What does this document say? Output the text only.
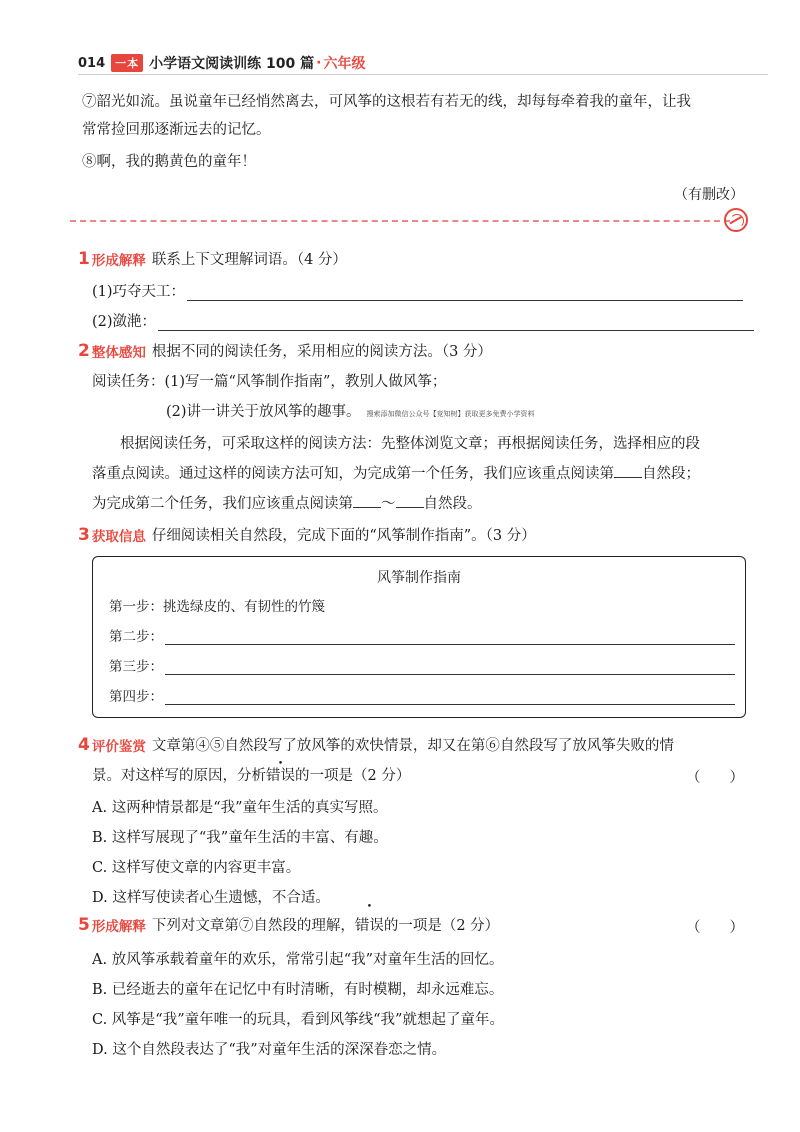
014 一本 小学语文阅读训练 100 篇 · 六年级
⑦韶光如流。虽说童年已经悄然离去，可风筝的这根若有若无的线，却每每牵着我的童年，让我
常常捡回那逐渐远去的记忆。
⑧啊，我的鹅黄色的童年！
（有删改）
1 形成解释 联系上下文理解词语。（4 分）
(1)巧夺天工：
(2)潋滟：
2 整体感知 根据不同的阅读任务，采用相应的阅读方法。（3 分）
阅读任务：(1)写一篇“风筝制作指南”，教别人做风筝；
(2)讲一讲关于放风筝的趣事。 搜索添加微信公众号【竞知树】获取更多免费小学资料
根据阅读任务，可采取这样的阅读方法：先整体浏览文章；再根据阅读任务，选择相应的段
落重点阅读。通过这样的阅读方法可知，为完成第一个任务，我们应该重点阅读第 自然段；
为完成第二个任务，我们应该重点阅读第 ～ 自然段。
3 获取信息 仔细阅读相关自然段，完成下面的“风筝制作指南”。（3 分）
风筝制作指南
第一步：挑选绿皮的、有韧性的竹篾
第二步：
第三步：
第四步：
4 评价鉴赏 文章第④⑤自然段写了放风筝的欢快情景，却又在第⑥自然段写了放风筝失败的情
景。对这样写的原因，分析错误的一项是（2 分）	（　　）
A. 这两种情景都是“我”童年生活的真实写照。
B. 这样写展现了“我”童年生活的丰富、有趣。
C. 这样写使文章的内容更丰富。
D. 这样写使读者心生遗憾，不合适。
5 形成解释 下列对文章第⑦自然段的理解，错误的一项是（2 分）	（　　）
A. 放风筝承载着童年的欢乐，常常引起“我”对童年生活的回忆。
B. 已经逝去的童年在记忆中有时清晰，有时模糊，却永远难忘。
C. 风筝是“我”童年唯一的玩具，看到风筝线“我”就想起了童年。
D. 这个自然段表达了“我”对童年生活的深深眷恋之情。
